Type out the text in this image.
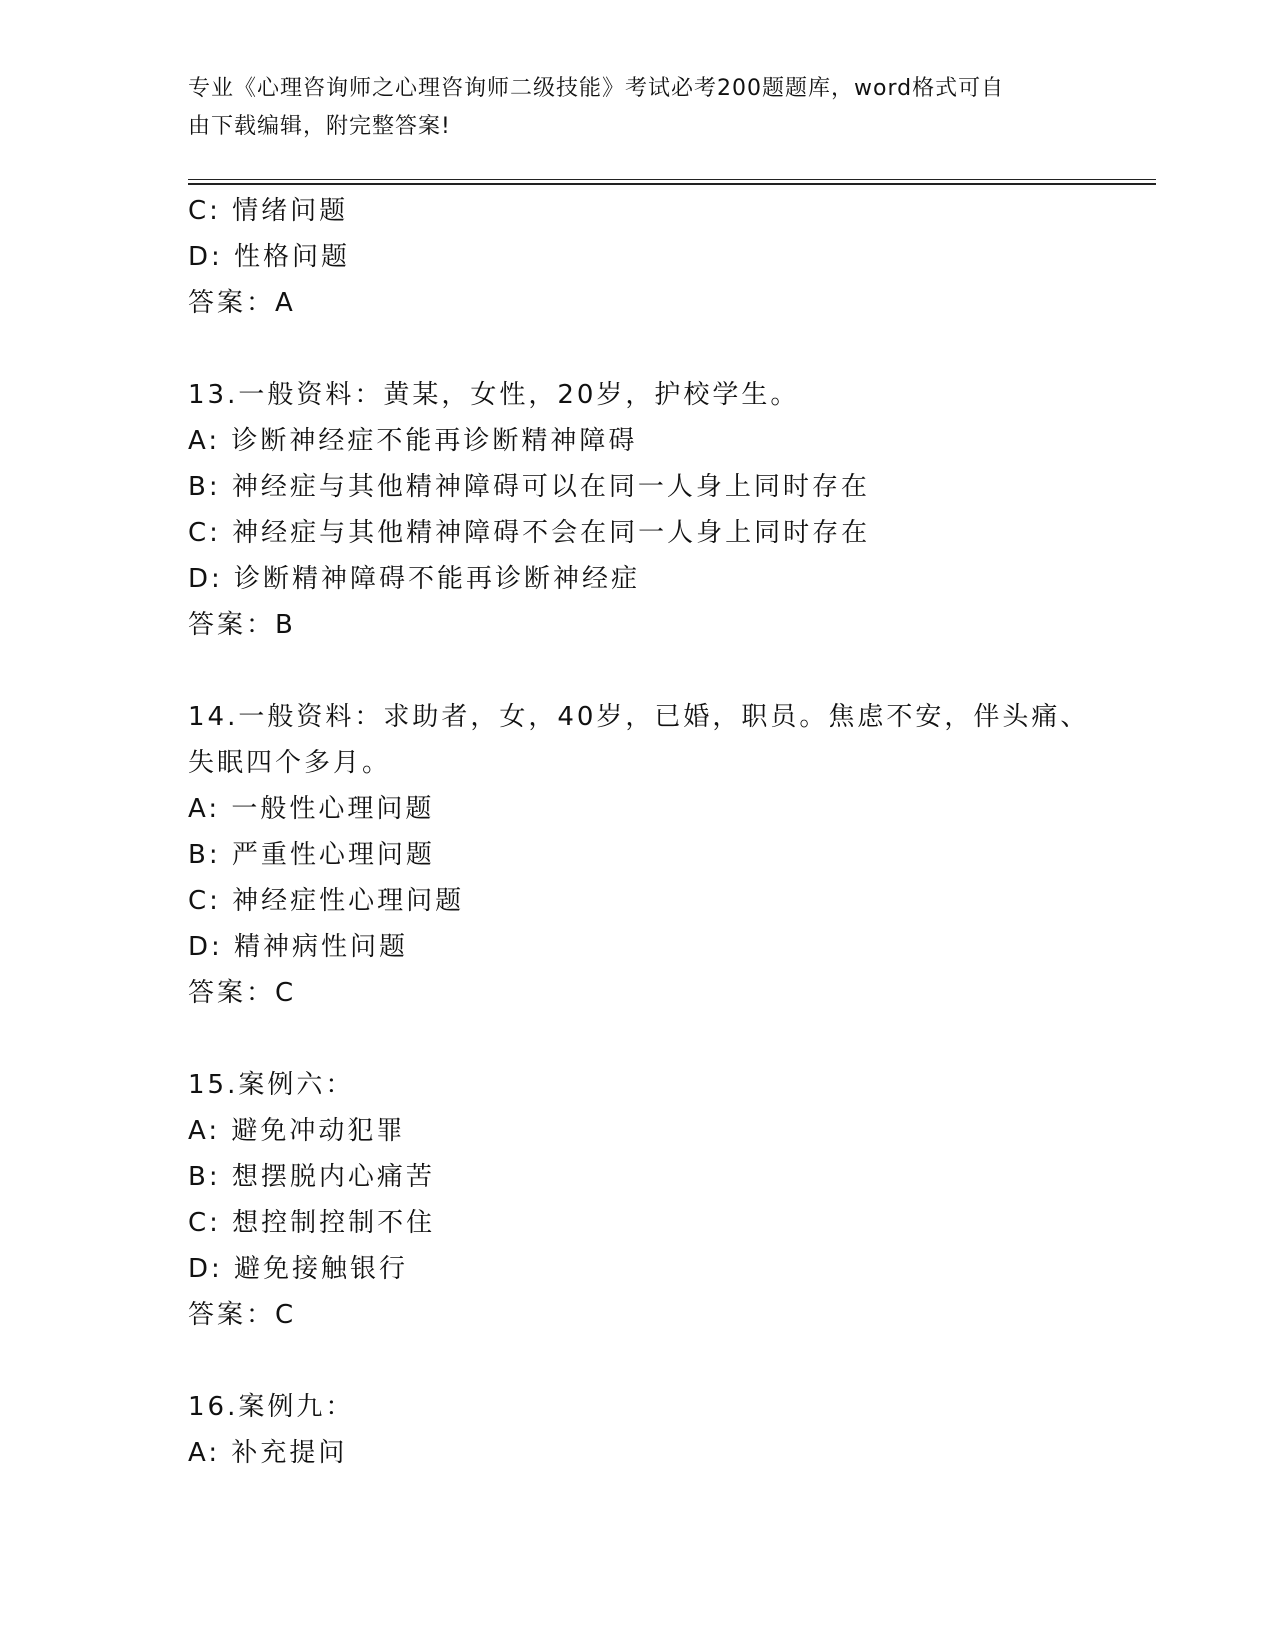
专业《心理咨询师之心理咨询师二级技能》考试必考200题题库，word格式可自
由下载编辑，附完整答案!
C: 情绪问题
D: 性格问题
答案：A
13.一般资料：黄某，女性，20岁，护校学生。
A: 诊断神经症不能再诊断精神障碍
B: 神经症与其他精神障碍可以在同一人身上同时存在
C: 神经症与其他精神障碍不会在同一人身上同时存在
D: 诊断精神障碍不能再诊断神经症
答案：B
14.一般资料：求助者，女，40岁，已婚，职员。焦虑不安，伴头痛、
失眠四个多月。
A: 一般性心理问题
B: 严重性心理问题
C: 神经症性心理问题
D: 精神病性问题
答案：C
15.案例六：
A: 避免冲动犯罪
B: 想摆脱内心痛苦
C: 想控制控制不住
D: 避免接触银行
答案：C
16.案例九：
A: 补充提问
